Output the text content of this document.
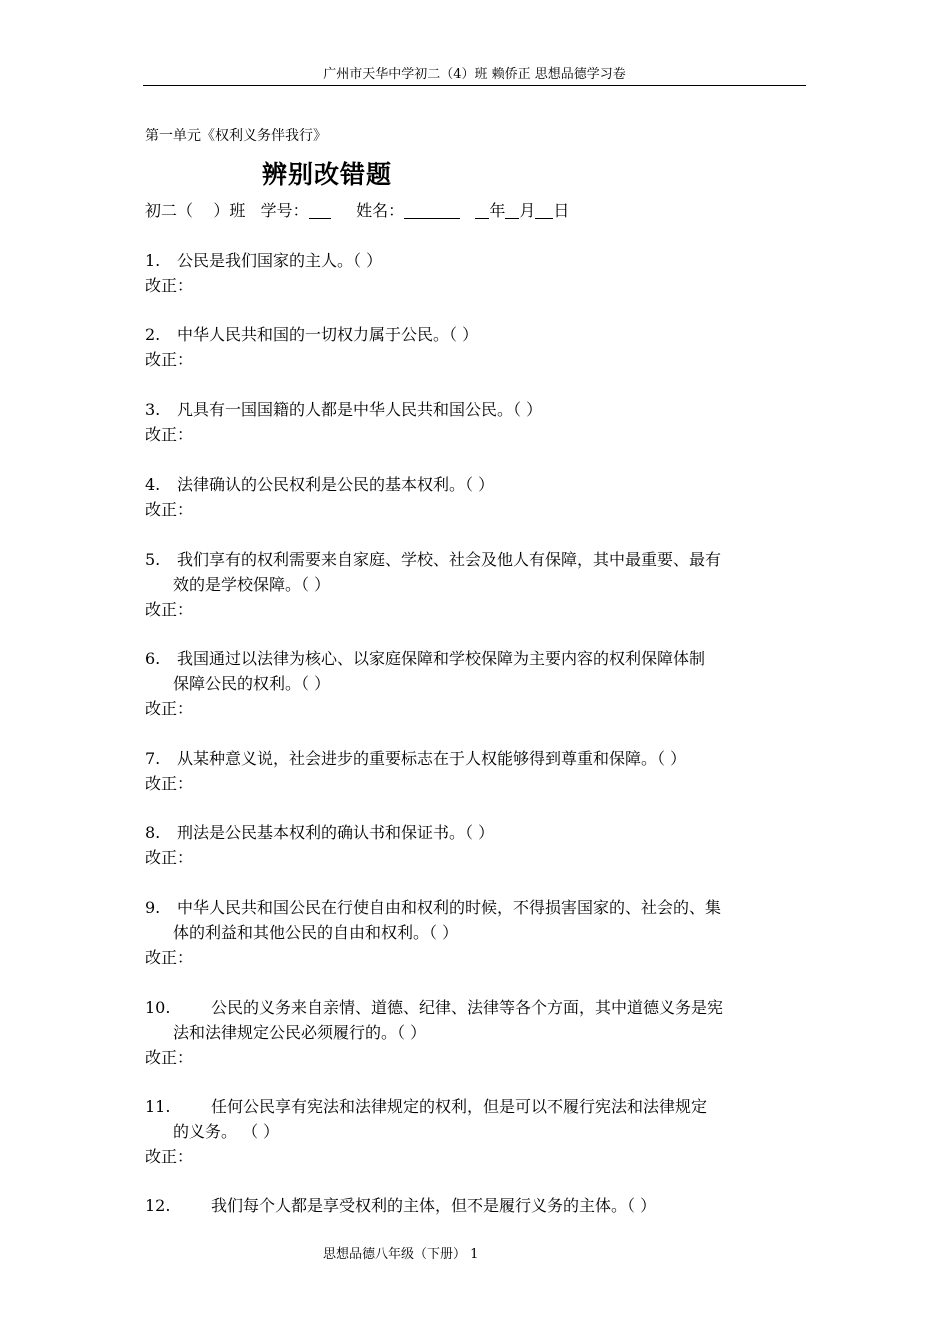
广州市天华中学初二（4）班 赖侨正 思想品德学习卷
第一单元《权利义务伴我行》
辨别改错题
初二（    ）班 学号：	姓名：	年 月 日
1. 公民是我们国家的主人。（ ）
改正：
2. 中华人民共和国的一切权力属于公民。（ ）
改正：
3. 凡具有一国国籍的人都是中华人民共和国公民。（ ）
改正：
4. 法律确认的公民权利是公民的基本权利。（ ）
改正：
5. 我们享有的权利需要来自家庭、学校、社会及他人有保障，其中最重要、最有
效的是学校保障。（ ）
改正：
6. 我国通过以法律为核心、以家庭保障和学校保障为主要内容的权利保障体制
保障公民的权利。（ ）
改正：
7. 从某种意义说，社会进步的重要标志在于人权能够得到尊重和保障。（ ）
改正：
8. 刑法是公民基本权利的确认书和保证书。（ ）
改正：
9. 中华人民共和国公民在行使自由和权利的时候，不得损害国家的、社会的、集
体的利益和其他公民的自由和权利。（ ）
改正：
10.	公民的义务来自亲情、道德、纪律、法律等各个方面，其中道德义务是宪
法和法律规定公民必须履行的。（ ）
改正：
11.	任何公民享有宪法和法律规定的权利，但是可以不履行宪法和法律规定
的义务。 （ ）
改正：
12.	我们每个人都是享受权利的主体，但不是履行义务的主体。（ ）
思想品德八年级（下册） 1
